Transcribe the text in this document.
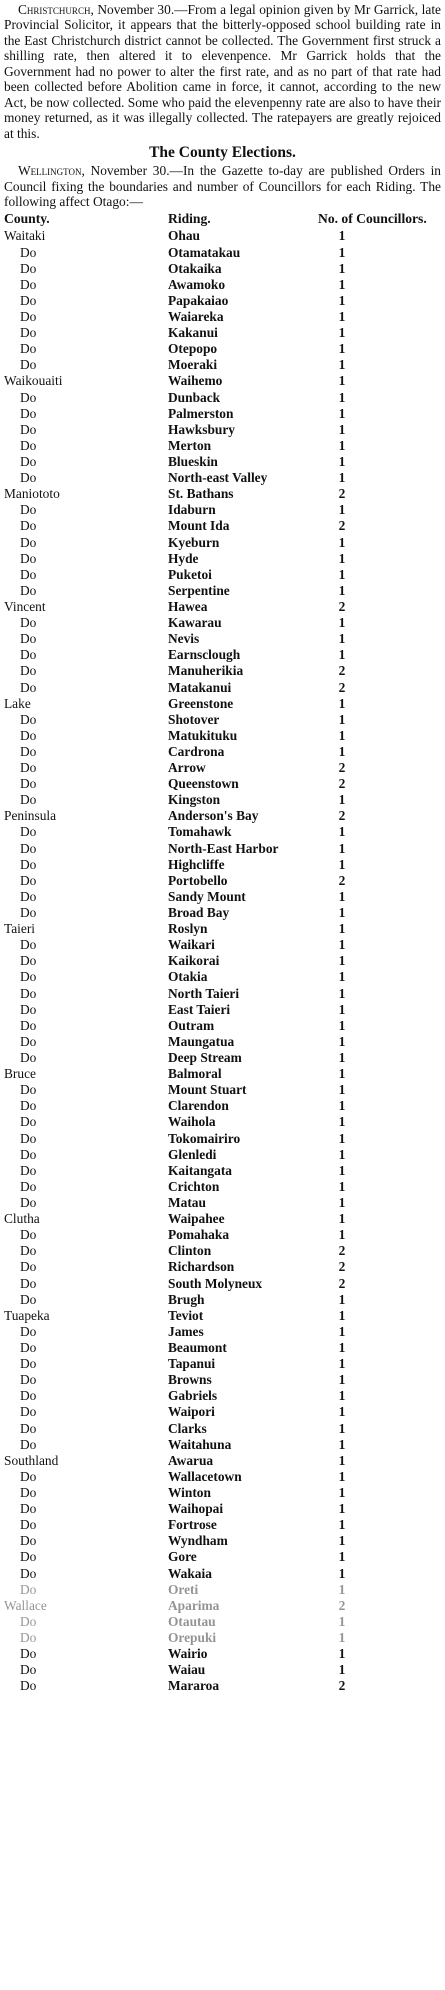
Christchurch, November 30.—From a legal opinion given by Mr Garrick, late Provincial Solicitor, it appears that the bitterly-opposed school building rate in the East Christchurch district cannot be collected. The Government first struck a shilling rate, then altered it to elevenpence. Mr Garrick holds that the Government had no power to alter the first rate, and as no part of that rate had been collected before Abolition came in force, it cannot, according to the new Act, be now collected. Some who paid the elevenpenny rate are also to have their money returned, as it was illegally collected. The ratepayers are greatly rejoiced at this.

The County Elections.

Wellington, November 30.—In the Gazette to-day are published Orders in Council fixing the boundaries and number of Councillors for each Riding. The following affect Otago:—

County.	Riding.	No. of Councillors.
Waitaki	Ohau	1
Do	Otamatakau	1
Do	Otakaika	1
Do	Awamoko	1
Do	Papakaiao	1
Do	Waiareka	1
Do	Kakanui	1
Do	Otepopo	1
Do	Moeraki	1
Waikouaiti	Waihemo	1
Do	Dunback	1
Do	Palmerston	1
Do	Hawksbury	1
Do	Merton	1
Do	Blueskin	1
Do	North-east Valley	1
Maniototo	St. Bathans	2
Do	Idaburn	1
Do	Mount Ida	2
Do	Kyeburn	1
Do	Hyde	1
Do	Puketoi	1
Do	Serpentine	1
Vincent	Hawea	2
Do	Kawarau	1
Do	Nevis	1
Do	Earnsclough	1
Do	Manuherikia	2
Do	Matakanui	2
Lake	Greenstone	1
Do	Shotover	1
Do	Matukituku	1
Do	Cardrona	1
Do	Arrow	2
Do	Queenstown	2
Do	Kingston	1
Peninsula	Anderson's Bay	2
Do	Tomahawk	1
Do	North-East Harbor	1
Do	Highcliffe	1
Do	Portobello	2
Do	Sandy Mount	1
Do	Broad Bay	1
Taieri	Roslyn	1
Do	Waikari	1
Do	Kaikorai	1
Do	Otakia	1
Do	North Taieri	1
Do	East Taieri	1
Do	Outram	1
Do	Maungatua	1
Do	Deep Stream	1
Bruce	Balmoral	1
Do	Mount Stuart	1
Do	Clarendon	1
Do	Waihola	1
Do	Tokomairiro	1
Do	Glenledi	1
Do	Kaitangata	1
Do	Crichton	1
Do	Matau	1
Clutha	Waipahee	1
Do	Pomahaka	1
Do	Clinton	2
Do	Richardson	2
Do	South Molyneux	2
Do	Brugh	1
Tuapeka	Teviot	1
Do	James	1
Do	Beaumont	1
Do	Tapanui	1
Do	Browns	1
Do	Gabriels	1
Do	Waipori	1
Do	Clarks	1
Do	Waitahuna	1
Southland	Awarua	1
Do	Wallacetown	1
Do	Winton	1
Do	Waihopai	1
Do	Fortrose	1
Do	Wyndham	1
Do	Gore	1
Do	Wakaia	1
Do	Oreti	1
Wallace	Aparima	2
Do	Otautau	1
Do	Orepuki	1
Do	Wairio	1
Do	Waiau	1
Do	Mararoa	2
